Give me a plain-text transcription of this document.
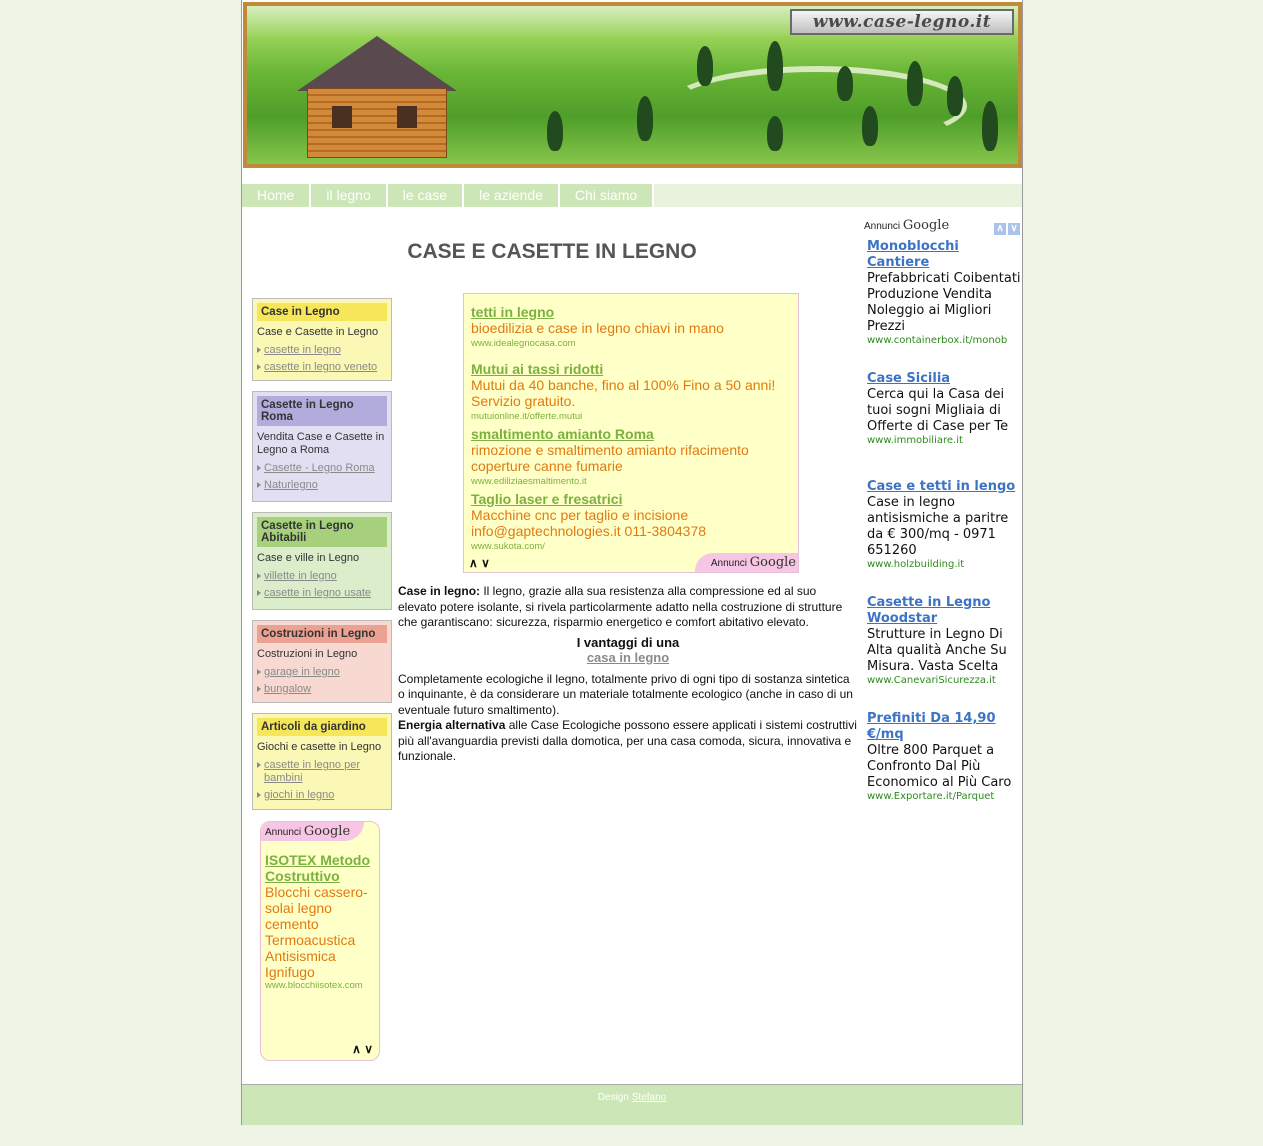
www.case-legno.it
Home	il legno	le case	le aziende	Chi siamo
CASE E CASETTE IN LEGNO
Case in Legno
Case e Casette in Legno
casette in legno
casette in legno veneto
Casette in Legno Roma
Vendita Case e Casette in Legno a Roma
Casette - Legno Roma
Naturlegno
Casette in Legno Abitabili
Case e ville in Legno
villette in legno
casette in legno usate
Costruzioni in Legno
Costruzioni in Legno
garage in legno
bungalow
Articoli da giardino
Giochi e casette in Legno
casette in legno per bambini
giochi in legno
Annunci Google
ISOTEX Metodo Costruttivo
Blocchi cassero-solai legno cemento Termoacustica Antisismica Ignifugo
www.blocchiisotex.com
∧ ∨
tetti in legno
bioedilizia e case in legno chiavi in mano
www.idealegnocasa.com
Mutui ai tassi ridotti
Mutui da 40 banche, fino al 100% Fino a 50 anni! Servizio gratuito.
mutuionline.it/offerte.mutui
smaltimento amianto Roma
rimozione e smaltimento amianto rifacimento coperture canne fumarie
www.ediliziaesmaltimento.it
Taglio laser e fresatrici
Macchine cnc per taglio e incisione info@gaptechnologies.it 011-3804378
www.sukota.com/
∧ ∨	Annunci Google
Case in legno: Il legno, grazie alla sua resistenza alla compressione ed al suo elevato potere isolante, si rivela particolarmente adatto nella costruzione di strutture che garantiscano: sicurezza, risparmio energetico e comfort abitativo elevato.
I vantaggi di una
casa in legno
Completamente ecologiche il legno, totalmente privo di ogni tipo di sostanza sintetica o inquinante, è da considerare un materiale totalmente ecologico (anche in caso di un eventuale futuro smaltimento).
Energia alternativa alle Case Ecologiche possono essere applicati i sistemi costruttivi più all'avanguardia previsti dalla domotica, per una casa comoda, sicura, innovativa e funzionale.
Annunci Google	∧ ∨
Monoblocchi Cantiere
Prefabbricati Coibentati Produzione Vendita Noleggio ai Migliori Prezzi
www.containerbox.it/monob
Case Sicilia
Cerca qui la Casa dei tuoi sogni Migliaia di Offerte di Case per Te
www.immobiliare.it
Case e tetti in lengo
Case in legno antisismiche a paritre da € 300/mq - 0971 651260
www.holzbuilding.it
Casette in Legno Woodstar
Strutture in Legno Di Alta qualità Anche Su Misura. Vasta Scelta
www.CanevariSicurezza.it
Prefiniti Da 14,90 €/mq
Oltre 800 Parquet a Confronto Dal Più Economico al Più Caro
www.Exportare.it/Parquet
Design Stefano
